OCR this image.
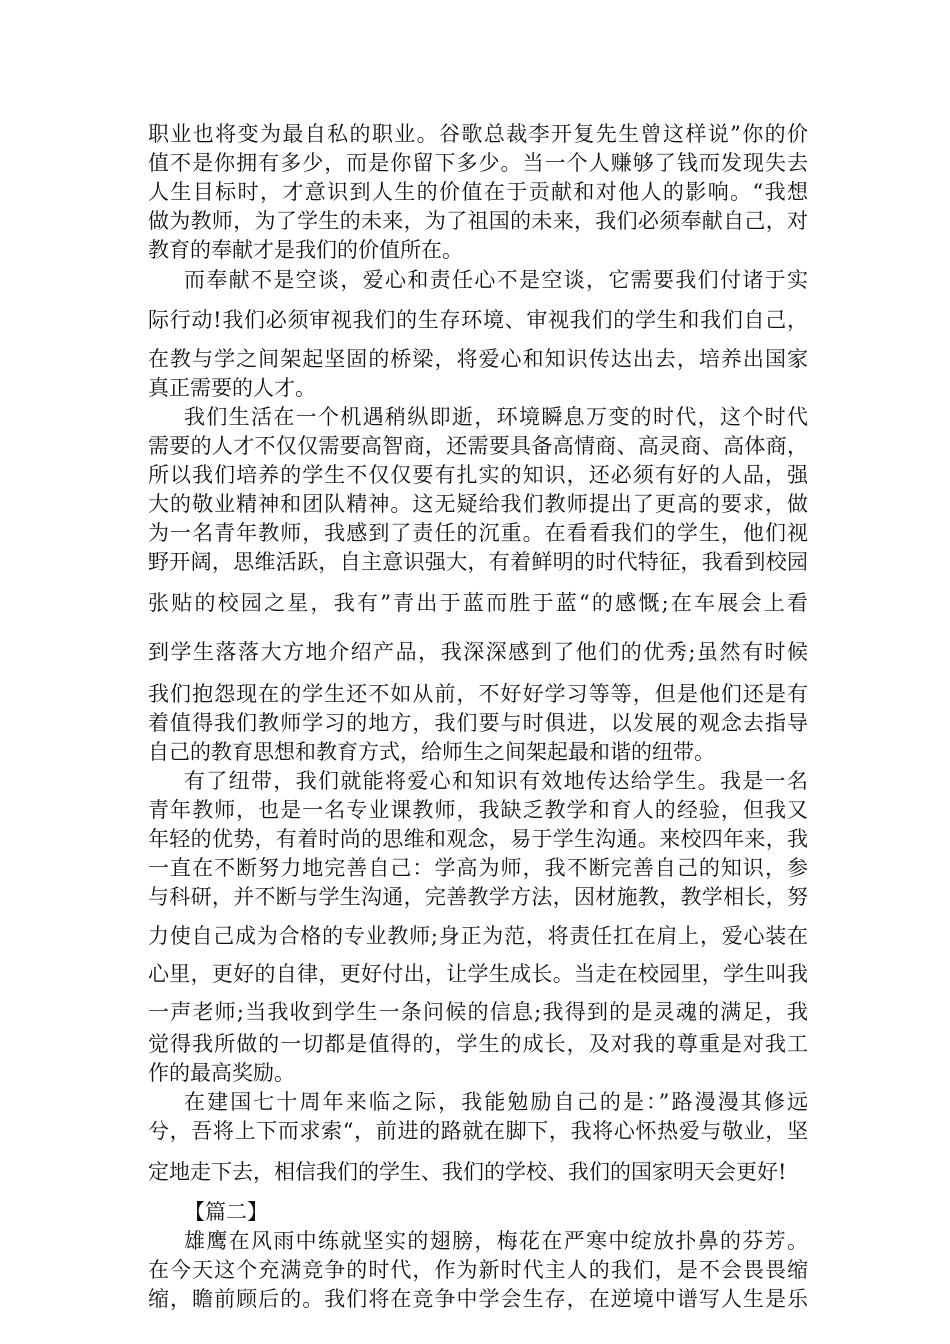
职业也将变为最自私的职业。谷歌总裁李开复先生曾这样说”你的价
值不是你拥有多少，而是你留下多少。当一个人赚够了钱而发现失去
人生目标时，才意识到人生的价值在于贡献和对他人的影响。“我想
做为教师，为了学生的未来，为了祖国的未来，我们必须奉献自己，对
教育的奉献才是我们的价值所在。
而奉献不是空谈，爱心和责任心不是空谈，它需要我们付诸于实
际行动!我们必须审视我们的生存环境、审视我们的学生和我们自己，
在教与学之间架起坚固的桥梁，将爱心和知识传达出去，培养出国家
真正需要的人才。
我们生活在一个机遇稍纵即逝，环境瞬息万变的时代，这个时代
需要的人才不仅仅需要高智商，还需要具备高情商、高灵商、高体商，
所以我们培养的学生不仅仅要有扎实的知识，还必须有好的人品，强
大的敬业精神和团队精神。这无疑给我们教师提出了更高的要求，做
为一名青年教师，我感到了责任的沉重。在看看我们的学生，他们视
野开阔，思维活跃，自主意识强大，有着鲜明的时代特征，我看到校园
张贴的校园之星，我有”青出于蓝而胜于蓝“的感慨;在车展会上看
到学生落落大方地介绍产品，我深深感到了他们的优秀;虽然有时候
我们抱怨现在的学生还不如从前，不好好学习等等，但是他们还是有
着值得我们教师学习的地方，我们要与时俱进，以发展的观念去指导
自己的教育思想和教育方式，给师生之间架起最和谐的纽带。
有了纽带，我们就能将爱心和知识有效地传达给学生。我是一名
青年教师，也是一名专业课教师，我缺乏教学和育人的经验，但我又
年轻的优势，有着时尚的思维和观念，易于学生沟通。来校四年来，我
一直在不断努力地完善自己：学高为师，我不断完善自己的知识，参
与科研，并不断与学生沟通，完善教学方法，因材施教，教学相长，努
力使自己成为合格的专业教师;身正为范，将责任扛在肩上，爱心装在
心里，更好的自律，更好付出，让学生成长。当走在校园里，学生叫我
一声老师;当我收到学生一条问候的信息;我得到的是灵魂的满足，我
觉得我所做的一切都是值得的，学生的成长，及对我的尊重是对我工
作的最高奖励。
在建国七十周年来临之际，我能勉励自己的是：”路漫漫其修远
兮，吾将上下而求索“，前进的路就在脚下，我将心怀热爱与敬业，坚
定地走下去，相信我们的学生、我们的学校、我们的国家明天会更好!
【篇二】
雄鹰在风雨中练就坚实的翅膀，梅花在严寒中绽放扑鼻的芬芳。
在今天这个充满竞争的时代，作为新时代主人的我们，是不会畏畏缩
缩，瞻前顾后的。我们将在竞争中学会生存，在逆境中谱写人生是乐
